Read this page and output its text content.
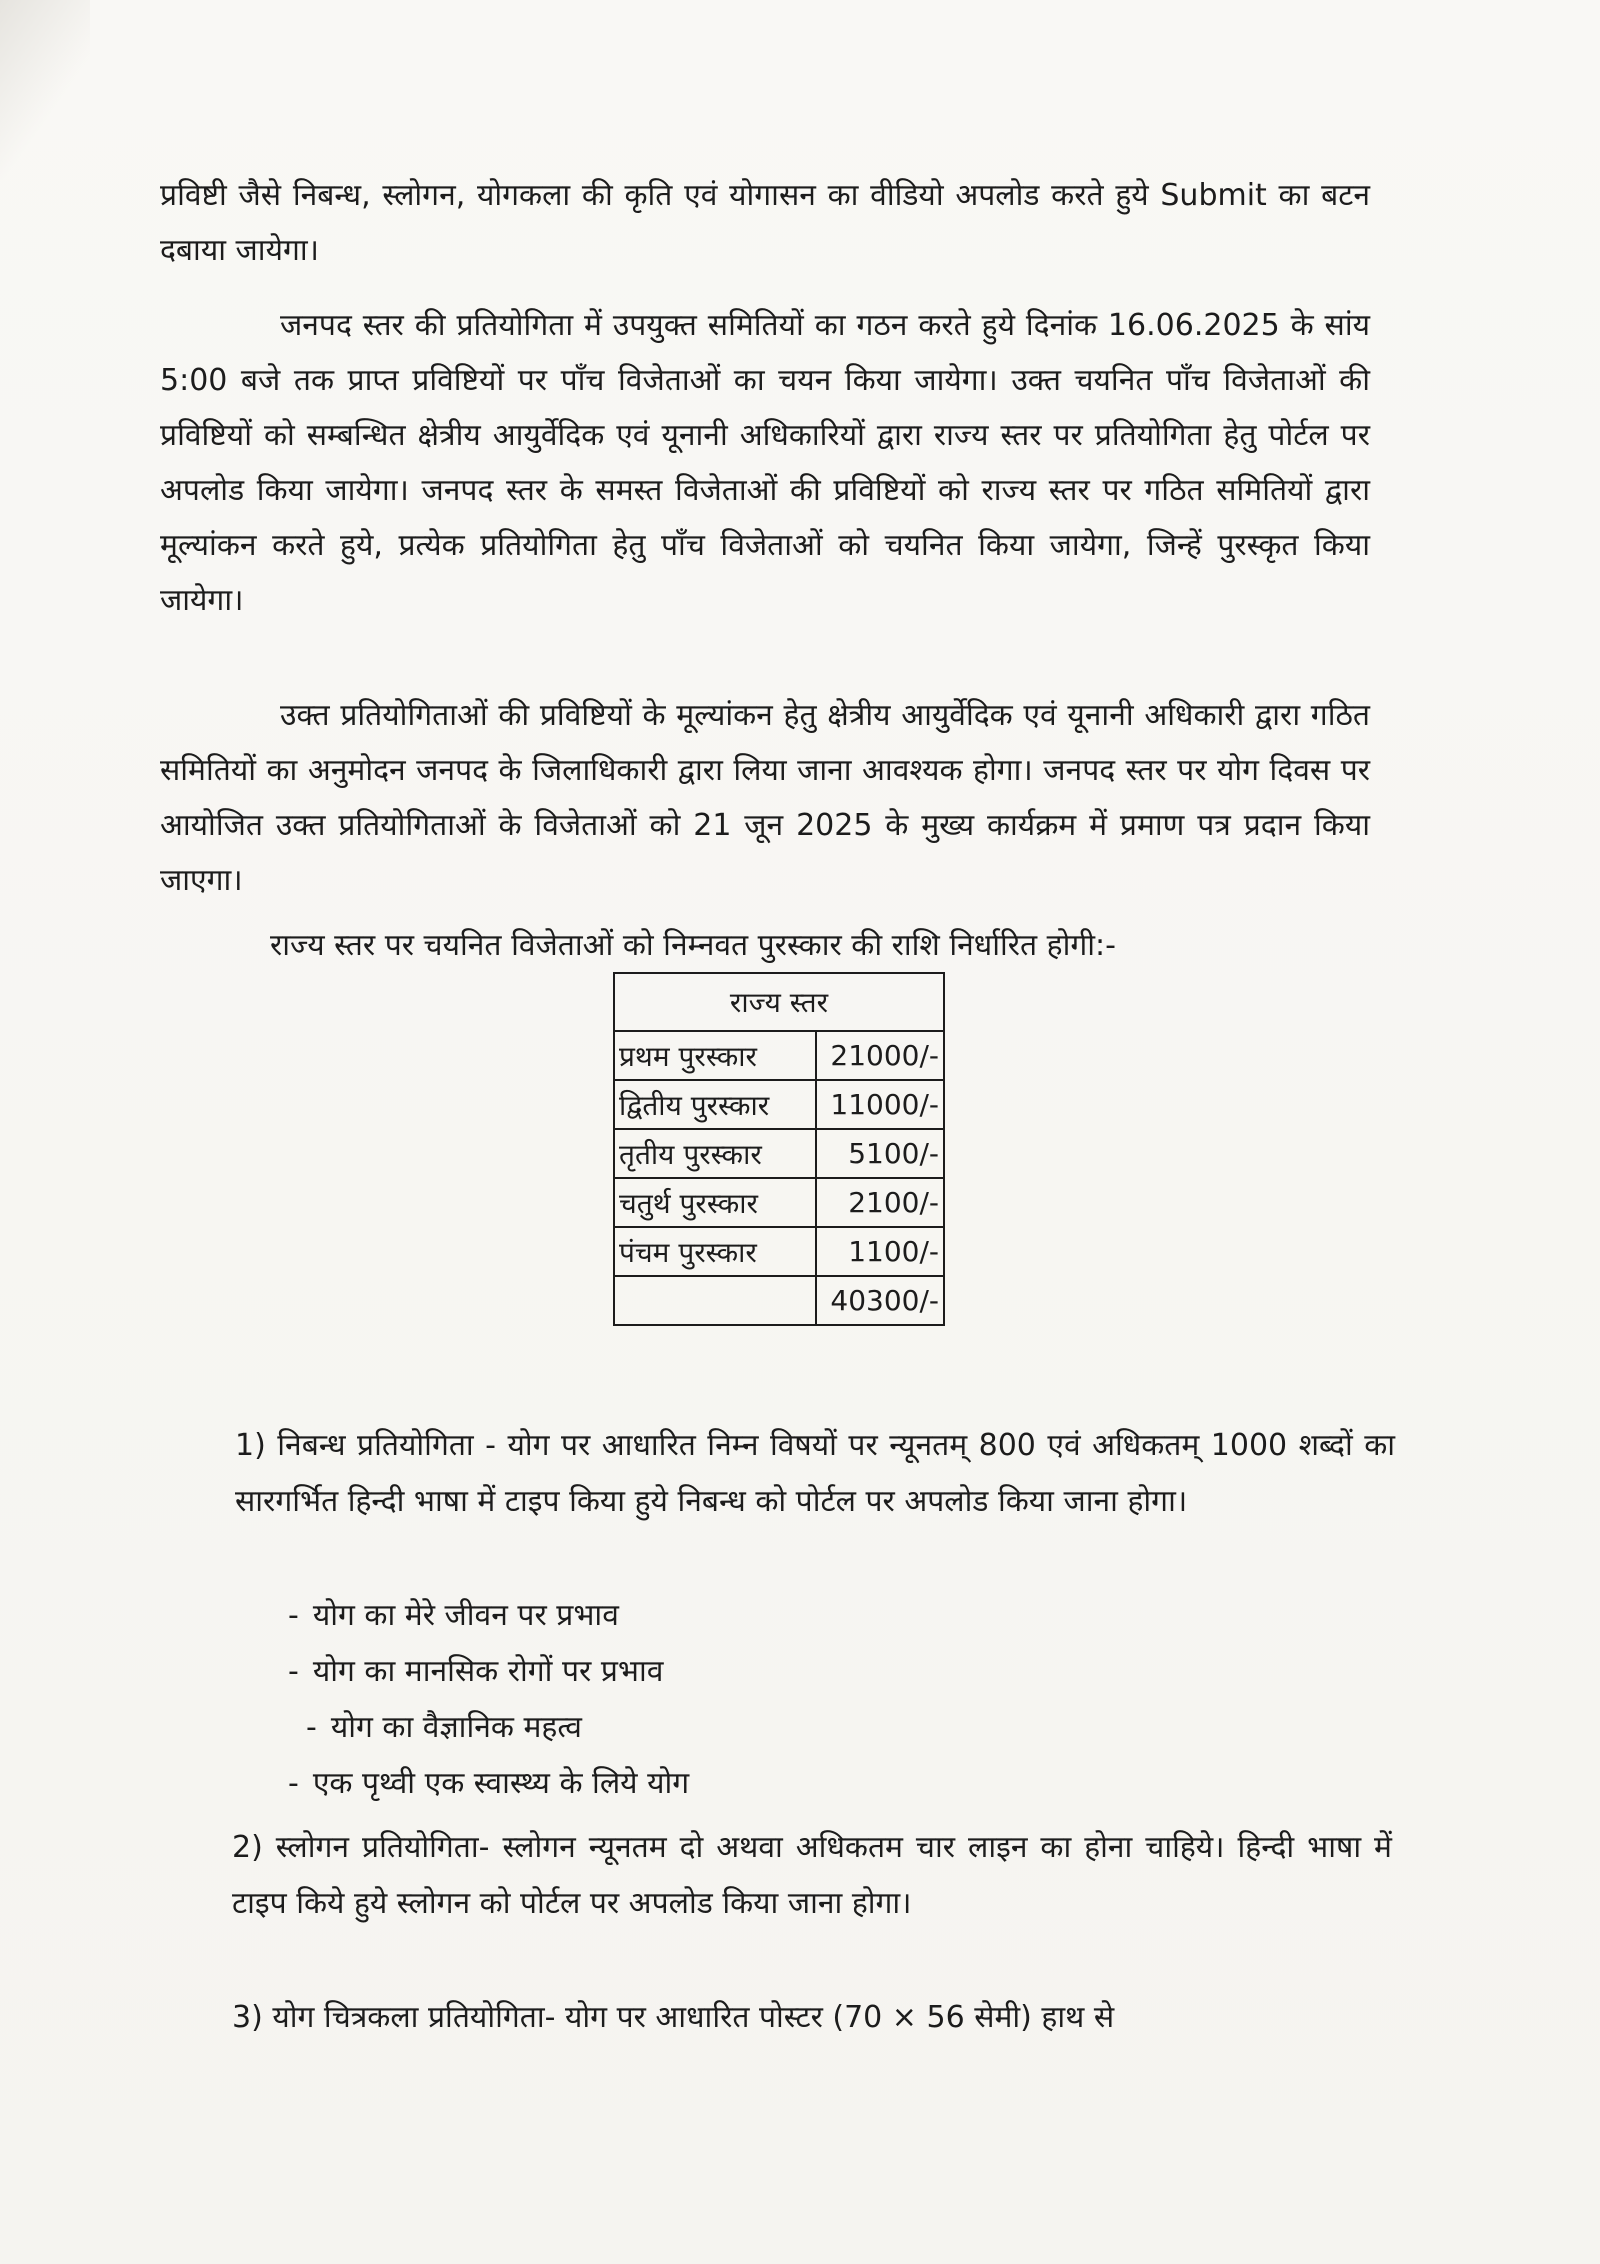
प्रविष्टी जैसे निबन्ध, स्लोगन, योगकला की कृति एवं योगासन का वीडियो अपलोड करते हुये Submit का बटन दबाया जायेगा।

जनपद स्तर की प्रतियोगिता में उपयुक्त समितियों का गठन करते हुये दिनांक 16.06.2025 के सांय 5:00 बजे तक प्राप्त प्रविष्टियों पर पाँच विजेताओं का चयन किया जायेगा। उक्त चयनित पाँच विजेताओं की प्रविष्टियों को सम्बन्धित क्षेत्रीय आयुर्वेदिक एवं यूनानी अधिकारियों द्वारा राज्य स्तर पर प्रतियोगिता हेतु पोर्टल पर अपलोड किया जायेगा। जनपद स्तर के समस्त विजेताओं की प्रविष्टियों को राज्य स्तर पर गठित समितियों द्वारा मूल्यांकन करते हुये, प्रत्येक प्रतियोगिता हेतु पाँच विजेताओं को चयनित किया जायेगा, जिन्हें पुरस्कृत किया जायेगा।

उक्त प्रतियोगिताओं की प्रविष्टियों के मूल्यांकन हेतु क्षेत्रीय आयुर्वेदिक एवं यूनानी अधिकारी द्वारा गठित समितियों का अनुमोदन जनपद के जिलाधिकारी द्वारा लिया जाना आवश्यक होगा। जनपद स्तर पर योग दिवस पर आयोजित उक्त प्रतियोगिताओं के विजेताओं को 21 जून 2025 के मुख्य कार्यक्रम में प्रमाण पत्र प्रदान किया जाएगा।

राज्य स्तर पर चयनित विजेताओं को निम्नवत पुरस्कार की राशि निर्धारित होगी:-

राज्य स्तर	
प्रथम पुरस्कार	21000/-
द्वितीय पुरस्कार	11000/-
तृतीय पुरस्कार	5100/-
चतुर्थ पुरस्कार	2100/-
पंचम पुरस्कार	1100/-
	40300/-

1) निबन्ध प्रतियोगिता - योग पर आधारित निम्न विषयों पर न्यूनतम् 800 एवं अधिकतम् 1000 शब्दों का सारगर्भित हिन्दी भाषा में टाइप किया हुये निबन्ध को पोर्टल पर अपलोड किया जाना होगा।

- योग का मेरे जीवन पर प्रभाव
- योग का मानसिक रोगों पर प्रभाव
- योग का वैज्ञानिक महत्व
- एक पृथ्वी एक स्वास्थ्य के लिये योग

2) स्लोगन प्रतियोगिता- स्लोगन न्यूनतम दो अथवा अधिकतम चार लाइन का होना चाहिये। हिन्दी भाषा में टाइप किये हुये स्लोगन को पोर्टल पर अपलोड किया जाना होगा।

3) योग चित्रकला प्रतियोगिता- योग पर आधारित पोस्टर (70 × 56 सेमी) हाथ से
